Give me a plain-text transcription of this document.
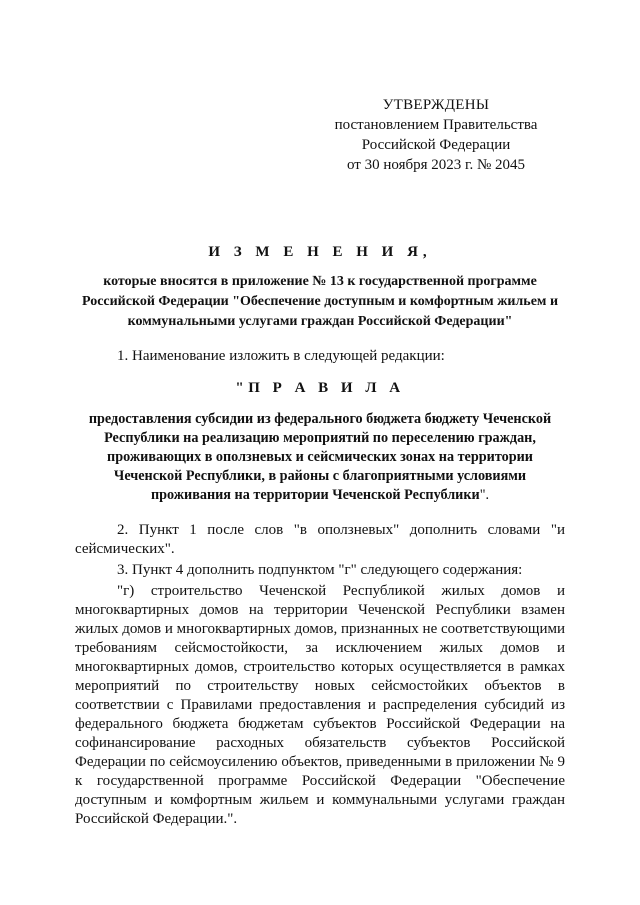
УТВЕРЖДЕНЫ
постановлением Правительства
Российской Федерации
от 30 ноября 2023 г. № 2045
И З М Е Н Е Н И Я,
которые вносятся в приложение № 13 к государственной программе Российской Федерации "Обеспечение доступным и комфортным жильем и коммунальными услугами граждан Российской Федерации"

1. Наименование изложить в следующей редакции:

"П Р А В И Л А
предоставления субсидии из федерального бюджета бюджету Чеченской Республики на реализацию мероприятий по переселению граждан, проживающих в оползневых и сейсмических зонах на территории Чеченской Республики, в районы с благоприятными условиями проживания на территории Чеченской Республики".

2. Пункт 1 после слов "в оползневых" дополнить словами "и сейсмических".

3. Пункт 4 дополнить подпунктом "г" следующего содержания:

"г) строительство Чеченской Республикой жилых домов и многоквартирных домов на территории Чеченской Республики взамен жилых домов и многоквартирных домов, признанных не соответствующими требованиям сейсмостойкости, за исключением жилых домов и многоквартирных домов, строительство которых осуществляется в рамках мероприятий по строительству новых сейсмостойких объектов в соответствии с Правилами предоставления и распределения субсидий из федерального бюджета бюджетам субъектов Российской Федерации на софинансирование расходных обязательств субъектов Российской Федерации по сейсмоусилению объектов, приведенными в приложении № 9 к государственной программе Российской Федерации "Обеспечение доступным и комфортным жильем и коммунальными услугами граждан Российской Федерации.".
